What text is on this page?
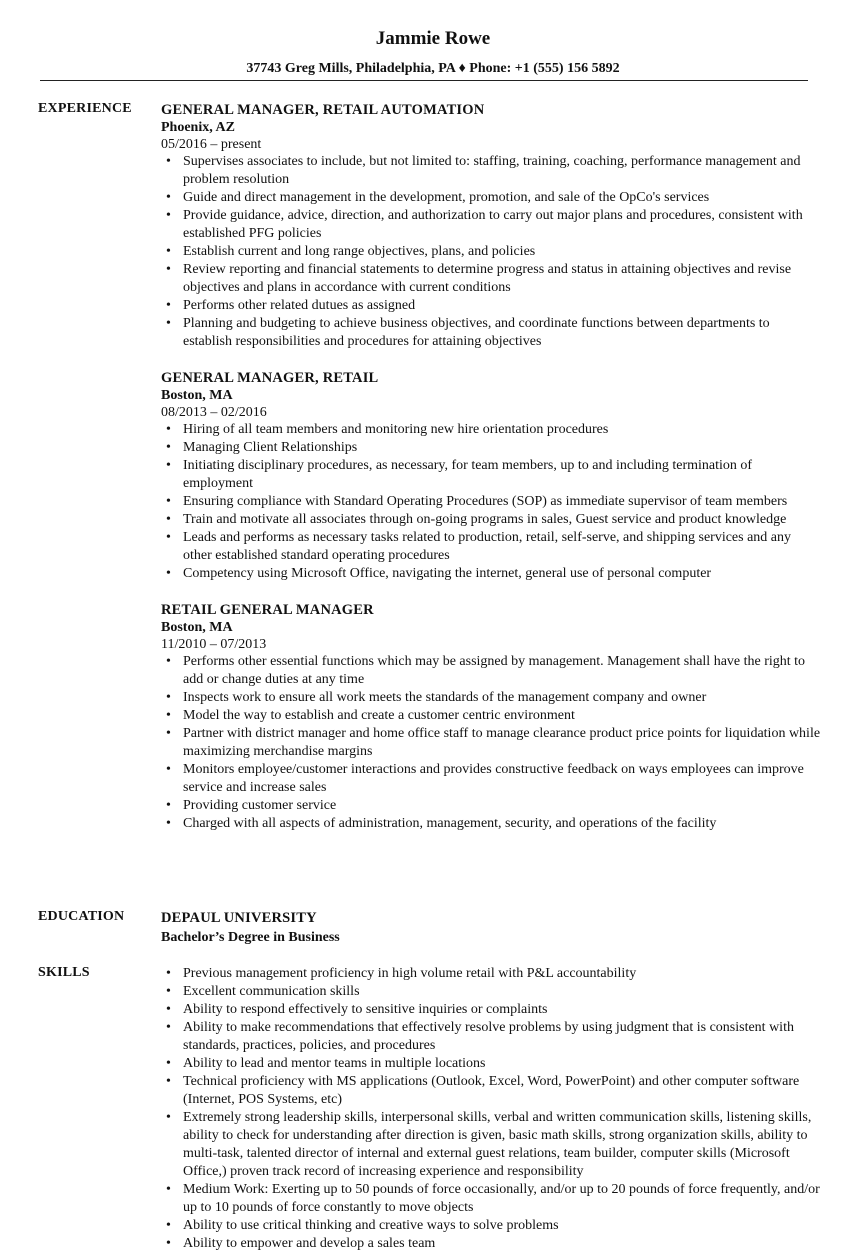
Jammie Rowe
37743 Greg Mills, Philadelphia, PA ♦ Phone: +1 (555) 156 5892
EXPERIENCE GENERAL MANAGER, RETAIL AUTOMATION
Phoenix, AZ
05/2016 – present
• Supervises associates to include, but not limited to: staffing, training, coaching, performance management and problem resolution
• Guide and direct management in the development, promotion, and sale of the OpCo's services
• Provide guidance, advice, direction, and authorization to carry out major plans and procedures, consistent with established PFG policies
• Establish current and long range objectives, plans, and policies
• Review reporting and financial statements to determine progress and status in attaining objectives and revise objectives and plans in accordance with current conditions
• Performs other related dutues as assigned
• Planning and budgeting to achieve business objectives, and coordinate functions between departments to establish responsibilities and procedures for attaining objectives
GENERAL MANAGER, RETAIL
Boston, MA
08/2013 – 02/2016
• Hiring of all team members and monitoring new hire orientation procedures
• Managing Client Relationships
• Initiating disciplinary procedures, as necessary, for team members, up to and including termination of employment
• Ensuring compliance with Standard Operating Procedures (SOP) as immediate supervisor of team members
• Train and motivate all associates through on-going programs in sales, Guest service and product knowledge
• Leads and performs as necessary tasks related to production, retail, self-serve, and shipping services and any other established standard operating procedures
• Competency using Microsoft Office, navigating the internet, general use of personal computer
RETAIL GENERAL MANAGER
Boston, MA
11/2010 – 07/2013
• Performs other essential functions which may be assigned by management. Management shall have the right to add or change duties at any time
• Inspects work to ensure all work meets the standards of the management company and owner
• Model the way to establish and create a customer centric environment
• Partner with district manager and home office staff to manage clearance product price points for liquidation while maximizing merchandise margins
• Monitors employee/customer interactions and provides constructive feedback on ways employees can improve service and increase sales
• Providing customer service
• Charged with all aspects of administration, management, security, and operations of the facility
EDUCATION	DEPAUL UNIVERSITY
Bachelor’s Degree in Business
SKILLS
•	Previous management proficiency in high volume retail with P&L accountability
• Excellent communication skills
• Ability to respond effectively to sensitive inquiries or complaints
• Ability to make recommendations that effectively resolve problems by using judgment that is consistent with standards, practices, policies, and procedures
• Ability to lead and mentor teams in multiple locations
• Technical proficiency with MS applications (Outlook, Excel, Word, PowerPoint) and other computer software (Internet, POS Systems, etc)
• Extremely strong leadership skills, interpersonal skills, verbal and written communication skills, listening skills, ability to check for understanding after direction is given, basic math skills, strong organization skills, ability to multi-task, talented director of internal and external guest relations, team builder, computer skills (Microsoft Office,) proven track record of increasing experience and responsibility
• Medium Work: Exerting up to 50 pounds of force occasionally, and/or up to 20 pounds of force frequently, and/or up to 10 pounds of force constantly to move objects
• Ability to use critical thinking and creative ways to solve problems
• Ability to empower and develop a sales team
